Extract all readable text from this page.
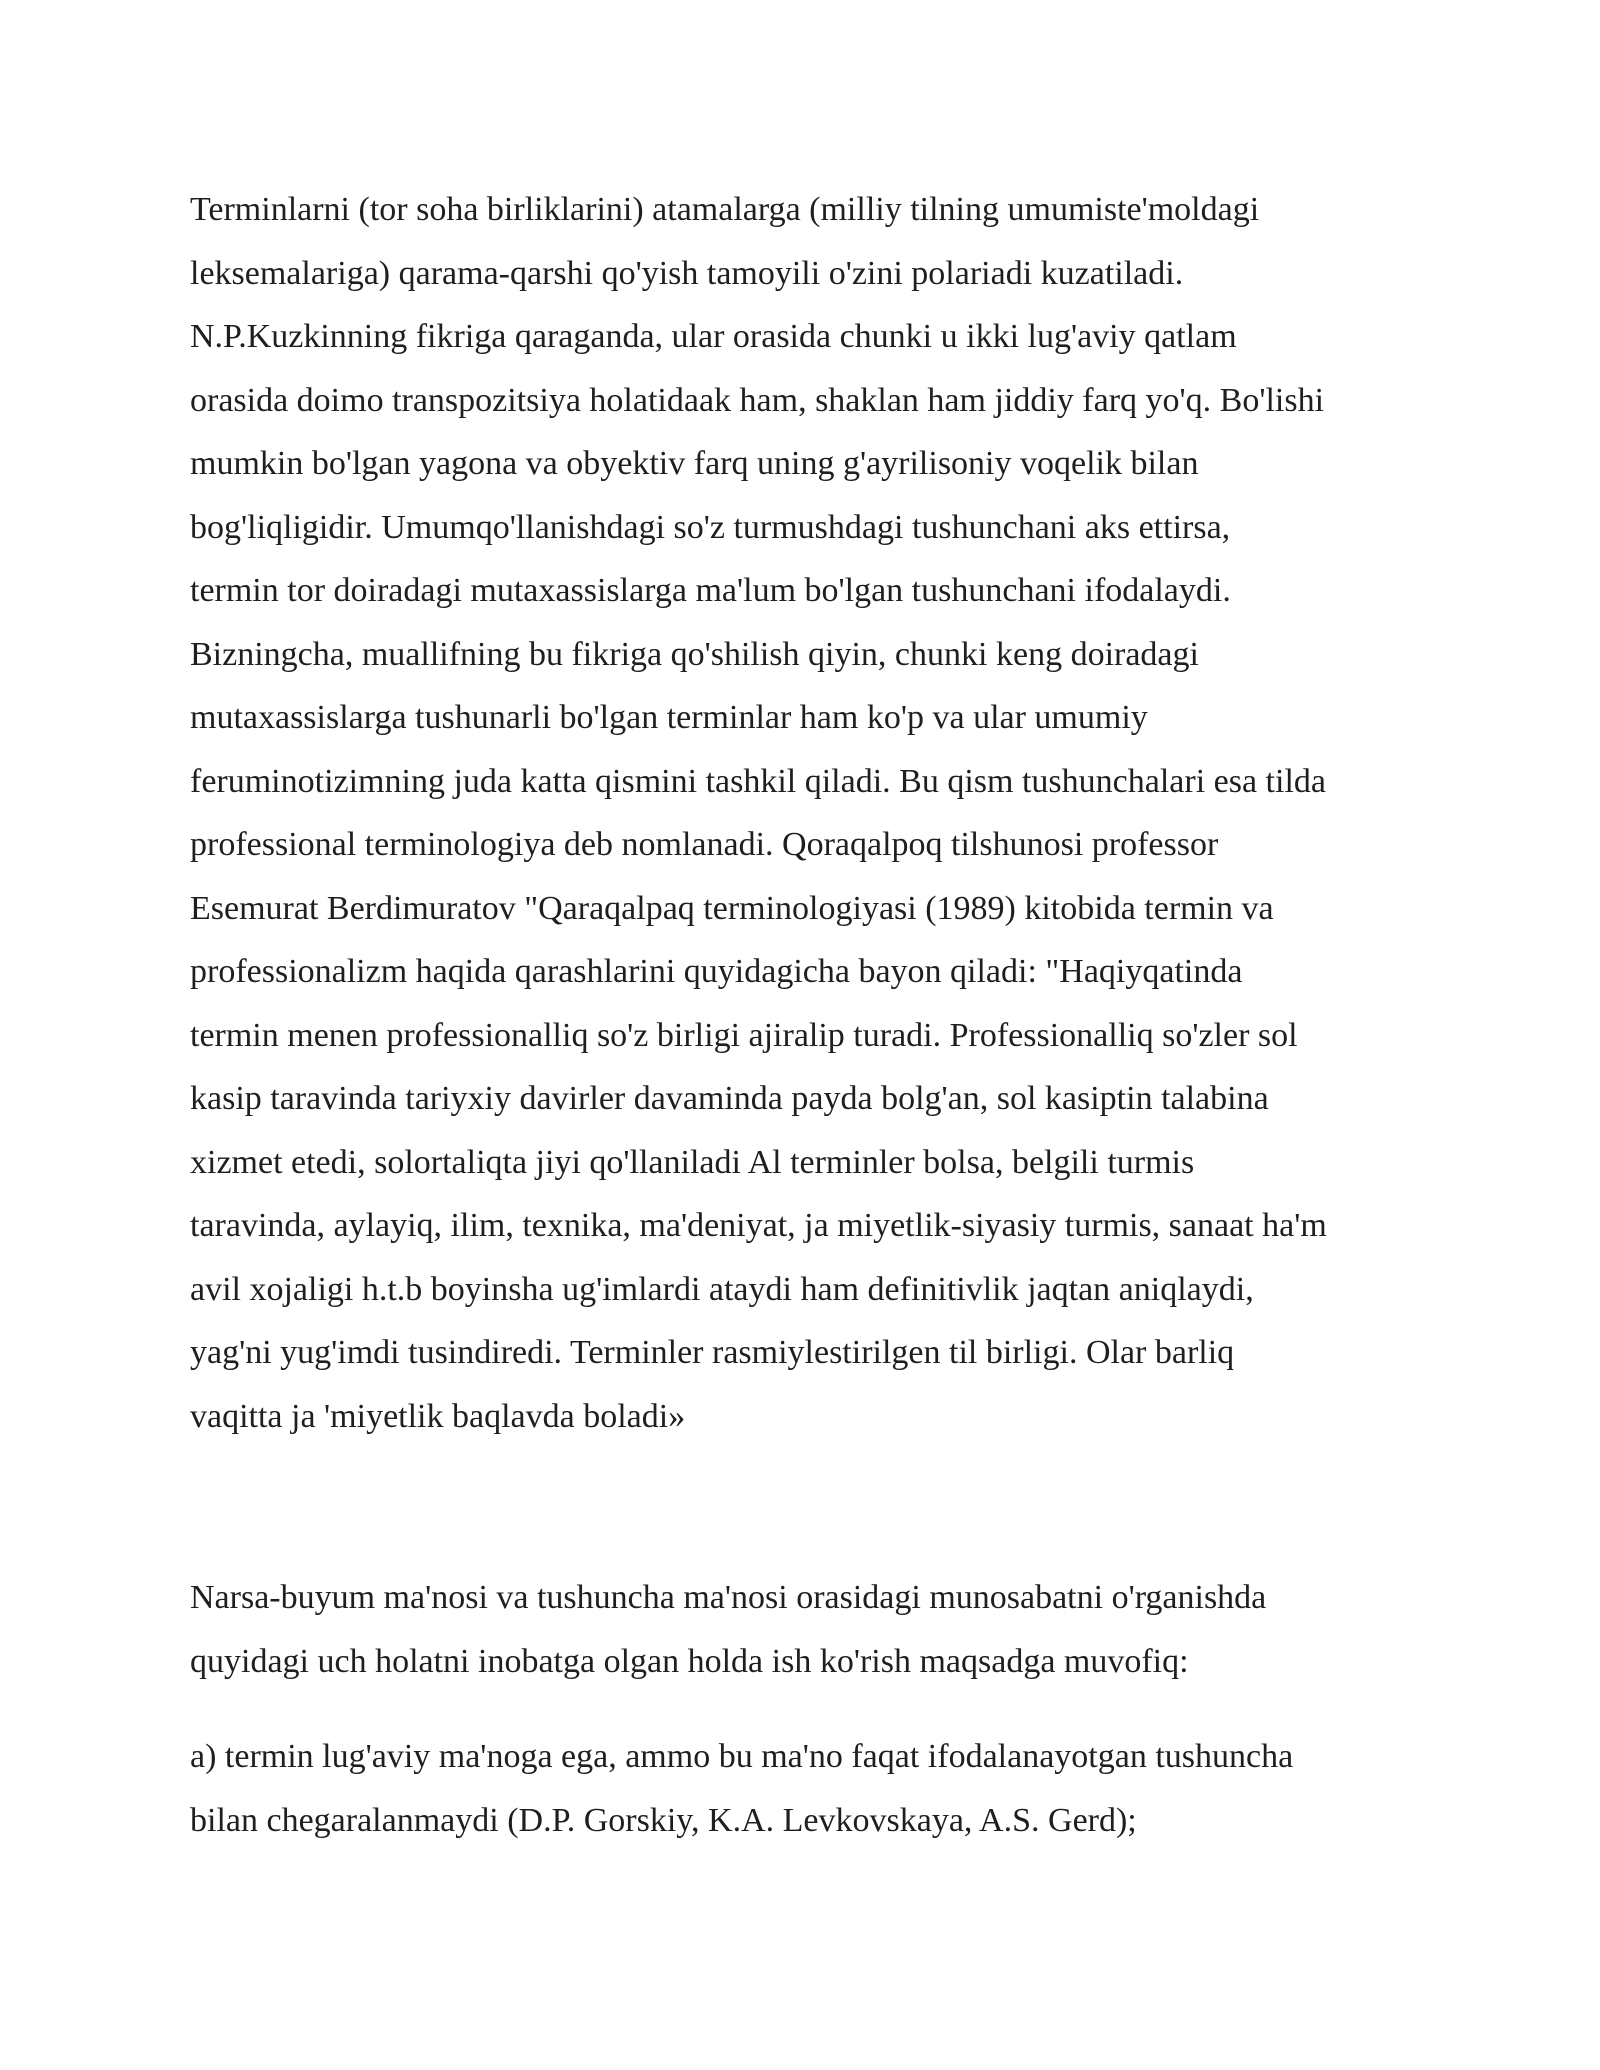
Terminlarni (tor soha birliklarini) atamalarga (milliy tilning umumiste'moldagi
leksemalariga) qarama-qarshi qo'yish tamoyili o'zini polariadi kuzatiladi.
N.P.Kuzkinning fikriga qaraganda, ular orasida chunki u ikki lug'aviy qatlam
orasida doimo transpozitsiya holatidaak ham, shaklan ham jiddiy farq yo'q. Bo'lishi
mumkin bo'lgan yagona va obyektiv farq uning g'ayrilisoniy voqelik bilan
bog'liqligidir. Umumqo'llanishdagi so'z turmushdagi tushunchani aks ettirsa,
termin tor doiradagi mutaxassislarga ma'lum bo'lgan tushunchani ifodalaydi.
Bizningcha, muallifning bu fikriga qo'shilish qiyin, chunki keng doiradagi
mutaxassislarga tushunarli bo'lgan terminlar ham ko'p va ular umumiy
feruminotizimning juda katta qismini tashkil qiladi. Bu qism tushunchalari esa tilda
professional terminologiya deb nomlanadi. Qoraqalpoq tilshunosi professor
Esemurat Berdimuratov "Qaraqalpaq terminologiyasi (1989) kitobida termin va
professionalizm haqida qarashlarini quyidagicha bayon qiladi: "Haqiyqatinda
termin menen professionalliq so'z birligi ajiralip turadi. Professionalliq so'zler sol
kasip taravinda tariyxiy davirler davaminda payda bolg'an, sol kasiptin talabina
xizmet etedi, solortaliqta jiyi qo'llaniladi Al terminler bolsa, belgili turmis
taravinda, aylayiq, ilim, texnika, ma'deniyat, ja miyetlik-siyasiy turmis, sanaat ha'm
avil xojaligi h.t.b boyinsha ug'imlardi ataydi ham definitivlik jaqtan aniqlaydi,
yag'ni yug'imdi tusindiredi. Terminler rasmiylestirilgen til birligi. Olar barliq
vaqitta ja 'miyetlik baqlavda boladi»

Narsa-buyum ma'nosi va tushuncha ma'nosi orasidagi munosabatni o'rganishda
quyidagi uch holatni inobatga olgan holda ish ko'rish maqsadga muvofiq:

a) termin lug'aviy ma'noga ega, ammo bu ma'no faqat ifodalanayotgan tushuncha
bilan chegaralanmaydi (D.P. Gorskiy, K.A. Levkovskaya, A.S. Gerd);
